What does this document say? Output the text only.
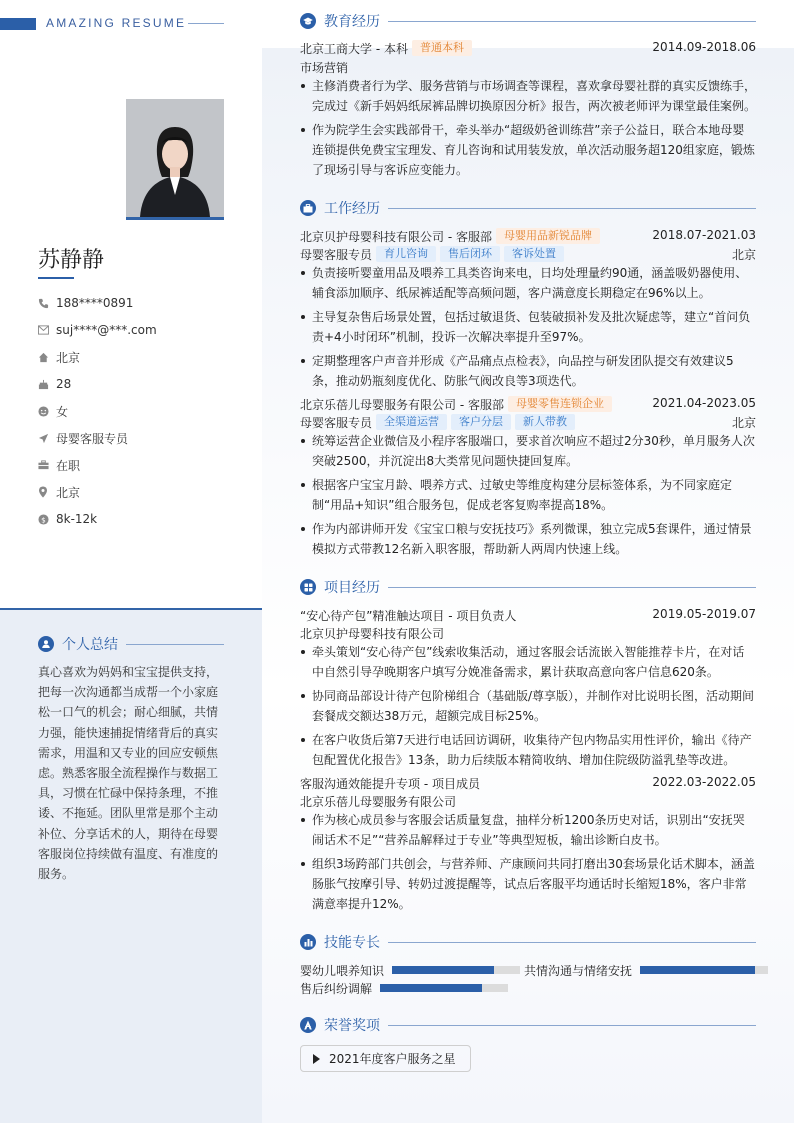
AMAZING RESUME
苏静静
188****0891
suj****@***.com
北京
28
女
母婴客服专员
在职
北京
$ 8k-12k
个人总结
真心喜欢为妈妈和宝宝提供支持，把每一次沟通都当成帮一个小家庭松一口气的机会；耐心细腻，共情力强，能快速捕捉情绪背后的真实需求，用温和又专业的回应安顿焦虑。熟悉客服全流程操作与数据工具，习惯在忙碌中保持条理，不推诿、不拖延。团队里常是那个主动补位、分享话术的人，期待在母婴客服岗位持续做有温度、有准度的服务。
教育经历
北京工商大学 - 本科 普通本科	2014.09-2018.06
市场营销
主修消费者行为学、服务营销与市场调查等课程，喜欢拿母婴社群的真实反馈练手，完成过《新手妈妈纸尿裤品牌切换原因分析》报告，两次被老师评为课堂最佳案例。
作为院学生会实践部骨干，牵头举办“超级奶爸训练营”亲子公益日，联合本地母婴连锁提供免费宝宝理发、育儿咨询和试用装发放，单次活动服务超120组家庭，锻炼了现场引导与客诉应变能力。
工作经历
北京贝护母婴科技有限公司 - 客服部 母婴用品新锐品牌	2018.07-2021.03
母婴客服专员 育儿咨询 售后闭环 客诉处置	北京
负责接听婴童用品及喂养工具类咨询来电，日均处理量约90通，涵盖吸奶器使用、辅食添加顺序、纸尿裤适配等高频问题，客户满意度长期稳定在96%以上。
主导复杂售后场景处置，包括过敏退货、包装破损补发及批次疑虑等，建立“首问负责+4小时闭环”机制，投诉一次解决率提升至97%。
定期整理客户声音并形成《产品痛点点检表》，向品控与研发团队提交有效建议5条，推动奶瓶刻度优化、防胀气阀改良等3项迭代。
北京乐蓓儿母婴服务有限公司 - 客服部 母婴零售连锁企业	2021.04-2023.05
母婴客服专员 全渠道运营 客户分层 新人带教	北京
统筹运营企业微信及小程序客服端口，要求首次响应不超过2分30秒，单月服务人次突破2500，并沉淀出8大类常见问题快捷回复库。
根据客户宝宝月龄、喂养方式、过敏史等维度构建分层标签体系，为不同家庭定制“用品+知识”组合服务包，促成老客复购率提高18%。
作为内部讲师开发《宝宝口粮与安抚技巧》系列微课，独立完成5套课件，通过情景模拟方式带教12名新入职客服，帮助新人两周内快速上线。
项目经历
“安心待产包”精准触达项目 - 项目负责人	2019.05-2019.07
北京贝护母婴科技有限公司
牵头策划“安心待产包”线索收集活动，通过客服会话流嵌入智能推荐卡片，在对话中自然引导孕晚期客户填写分娩准备需求，累计获取高意向客户信息620条。
协同商品部设计待产包阶梯组合（基础版/尊享版），并制作对比说明长图，活动期间套餐成交额达38万元，超额完成目标25%。
在客户收货后第7天进行电话回访调研，收集待产包内物品实用性评价，输出《待产包配置优化报告》13条，助力后续版本精简收纳、增加住院级防溢乳垫等改进。
客服沟通效能提升专项 - 项目成员	2022.03-2022.05
北京乐蓓儿母婴服务有限公司
作为核心成员参与客服会话质量复盘，抽样分析1200条历史对话，识别出“安抚哭闹话术不足”“营养品解释过于专业”等典型短板，输出诊断白皮书。
组织3场跨部门共创会，与营养师、产康顾问共同打磨出30套场景化话术脚本，涵盖肠胀气按摩引导、转奶过渡提醒等，试点后客服平均通话时长缩短18%，客户非常满意率提升12%。
技能专长
婴幼儿喂养知识	共情沟通与情绪安抚
售后纠纷调解
荣誉奖项
2021年度客户服务之星
